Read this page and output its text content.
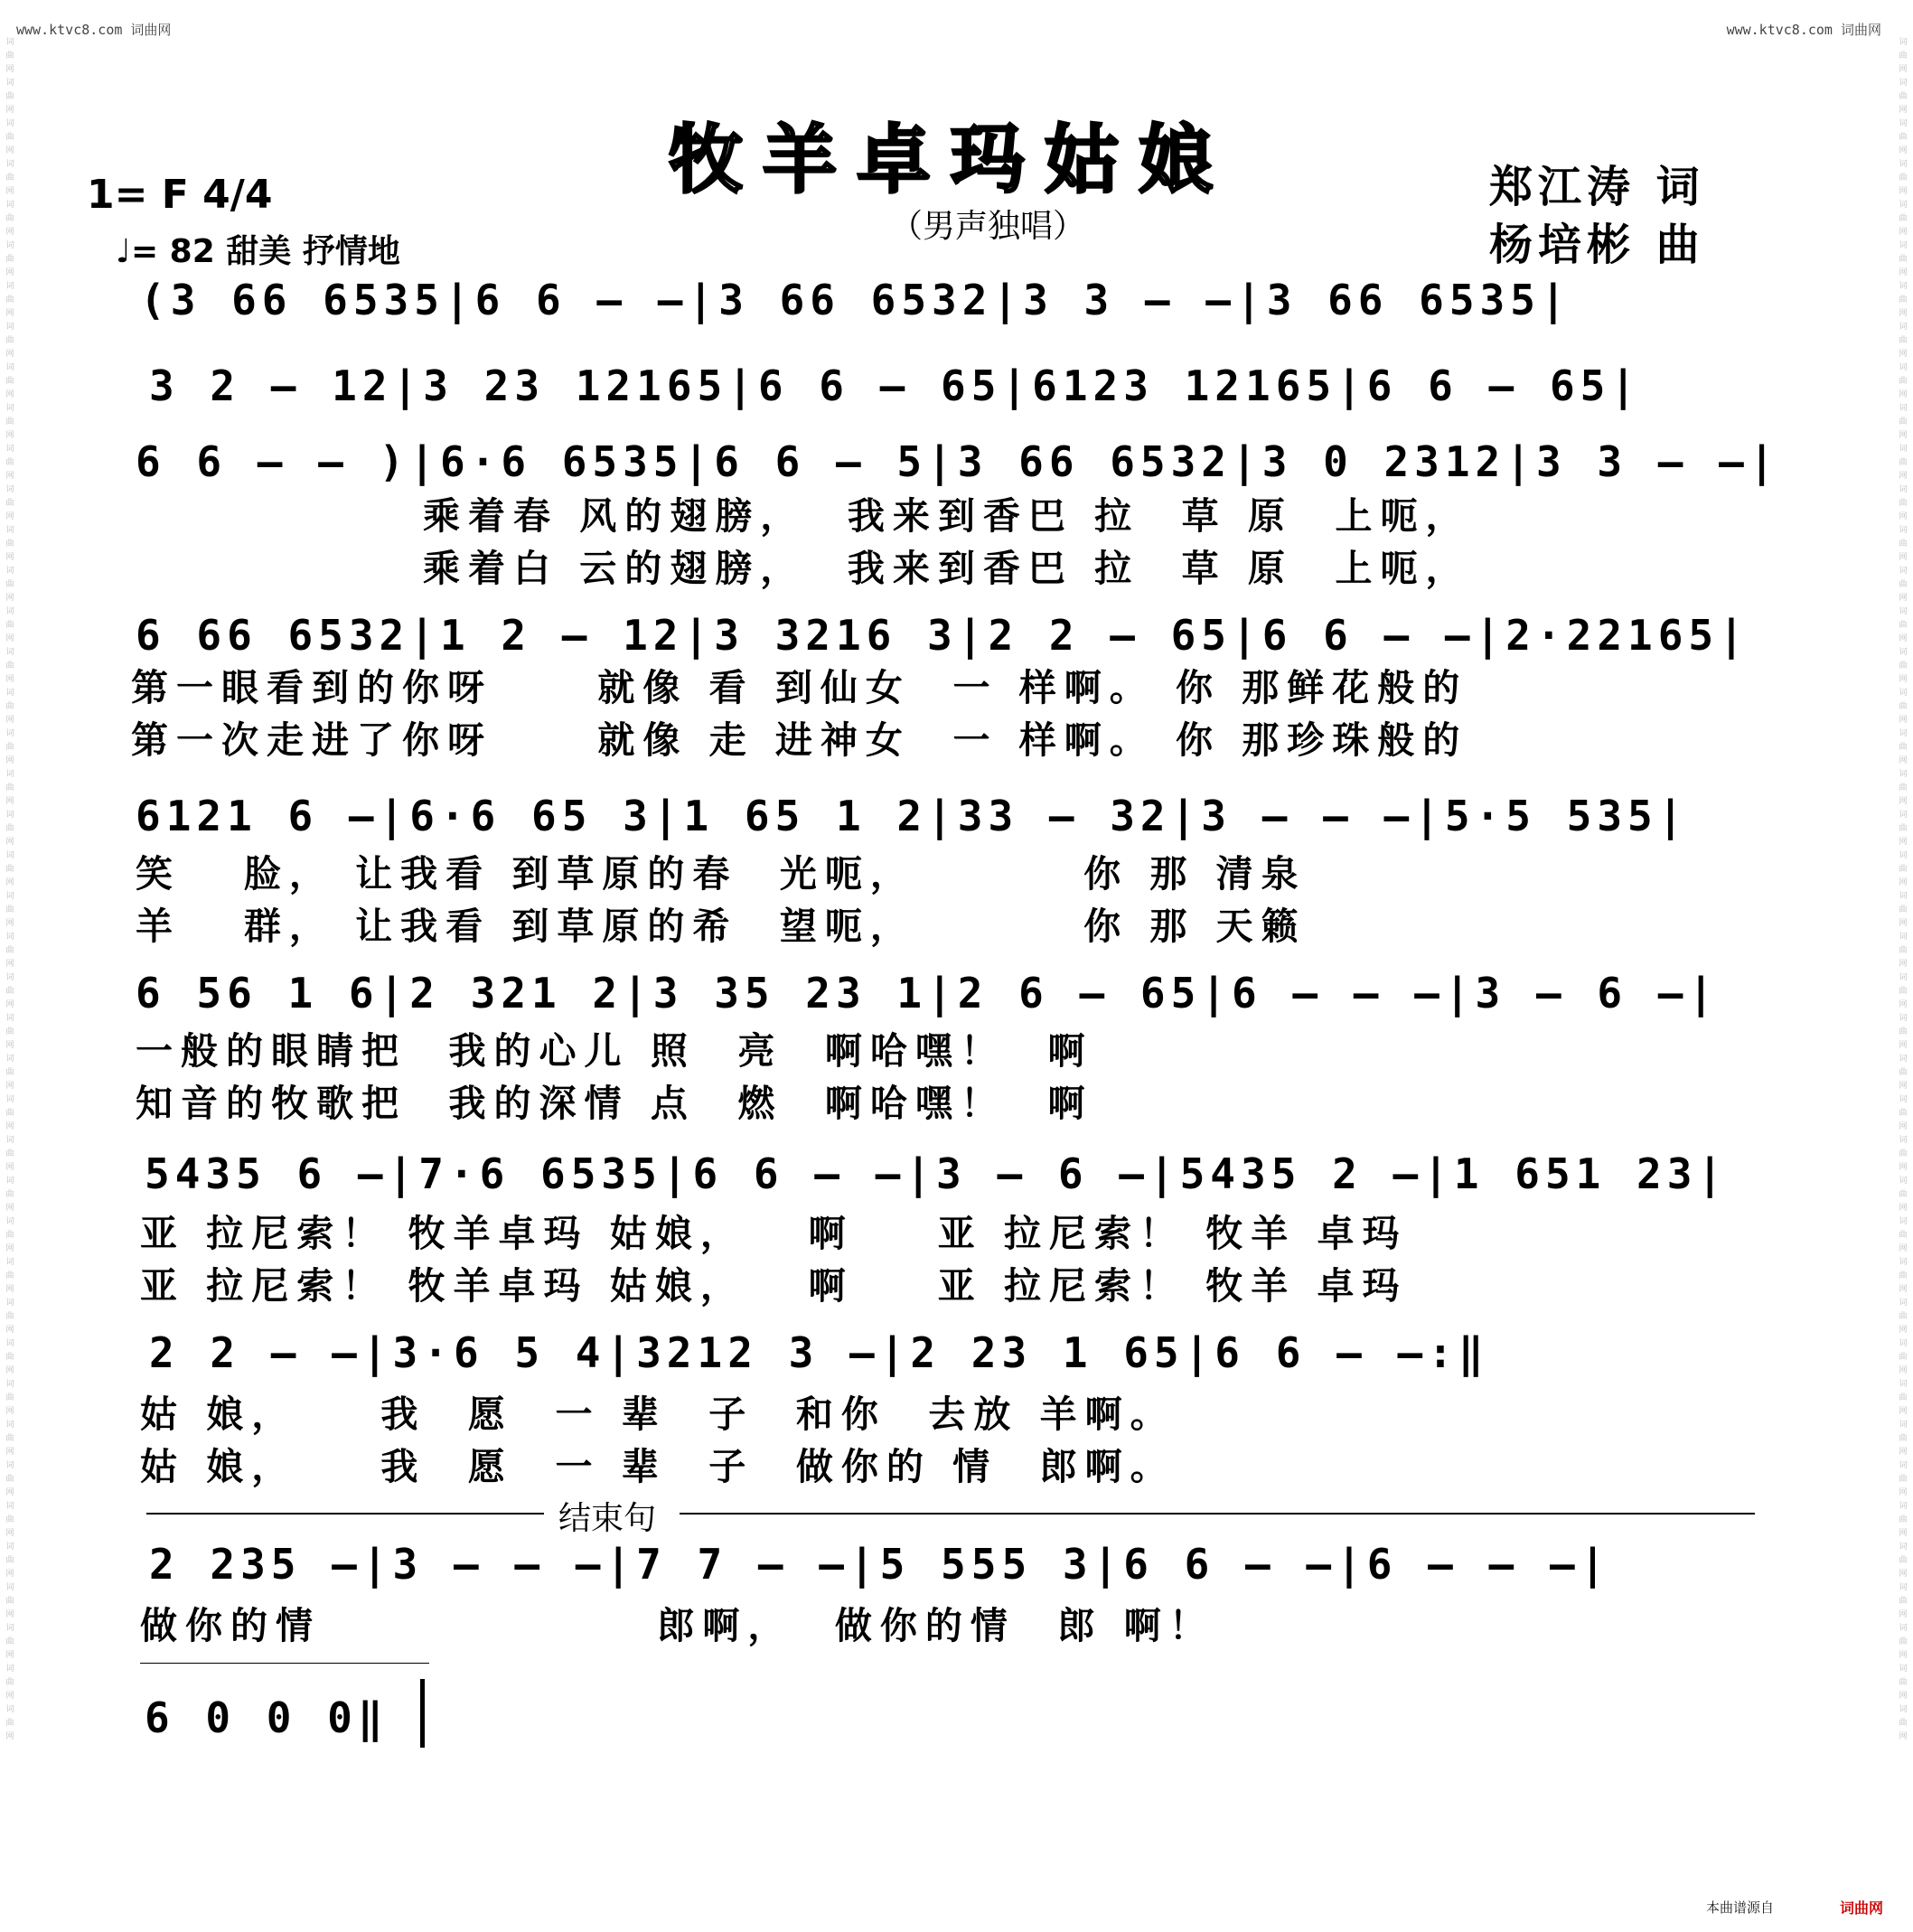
www.ktvc8.com 词曲网	www.ktvc8.com 词曲网
词曲网词曲网词曲网词曲网词曲网词曲网词曲网词曲网词曲网词曲网词曲网词曲网词曲网词曲网词曲网词曲网词曲网词曲网词曲网词曲网词曲网词曲网词曲网词曲网词曲网词曲网词曲网词曲网词曲网词曲网词曲网词曲网词曲网词曲网词曲网词曲网词曲网词曲网词曲网词曲网词曲网词曲网
词曲网词曲网词曲网词曲网词曲网词曲网词曲网词曲网词曲网词曲网词曲网词曲网词曲网词曲网词曲网词曲网词曲网词曲网词曲网词曲网词曲网词曲网词曲网词曲网词曲网词曲网词曲网词曲网词曲网词曲网词曲网词曲网词曲网词曲网词曲网词曲网词曲网词曲网词曲网词曲网词曲网词曲网
牧羊卓玛姑娘
（男声独唱）
1= F 4/4
♩= 82 甜美 抒情地
郑江涛 词
杨培彬 曲
(3 66 6535|6 6 — —|3 66 6532|3 3 — —|3 66 6535|
3 2 — 12|3 23 12165|6 6 — 65|6123 12165|6 6 — 65|
6 6 — — )|6·6 6535|6 6 — 5|3 66 6532|3 0 2312|3 3 — —|
乘着春 风的翅膀，  我来到香巴 拉  草 原  上呃，
乘着白 云的翅膀，  我来到香巴 拉  草 原  上呃，
6 66 6532|1 2 — 12|3 3216 3|2 2 — 65|6 6 — —|2·22165|
第一眼看到的你呀     就像 看 到仙女  一 样啊。 你 那鲜花般的
第一次走进了你呀     就像 走 进神女  一 样啊。 你 那珍珠般的
6121 6 —|6·6 65 3|1 65 1 2|33 — 32|3 — — —|5·5 535|
笑   脸， 让我看 到草原的春  光呃，        你 那 清泉
羊   群， 让我看 到草原的希  望呃，        你 那 天籁
6 56 1 6|2 321 2|3 35 23 1|2 6 — 65|6 — — —|3 — 6 —|
一般的眼睛把  我的心儿 照  亮  啊哈嘿！  啊
知音的牧歌把  我的深情 点  燃  啊哈嘿！  啊
5435 6 —|7·6 6535|6 6 — —|3 — 6 —|5435 2 —|1 651 23|
亚 拉尼索！ 牧羊卓玛 姑娘，   啊    亚 拉尼索！ 牧羊 卓玛
亚 拉尼索！ 牧羊卓玛 姑娘，   啊    亚 拉尼索！ 牧羊 卓玛
2 2 — —|3·6 5 4|3212 3 —|2 23 1 65|6 6 — —:‖
姑 娘，    我  愿  一 辈  子  和你  去放 羊啊。
姑 娘，    我  愿  一 辈  子  做你的 情  郎啊。
结束句
2 235 —|3 — — —|7 7 — —|5 555 3|6 6 — —|6 — — —|
做你的情                郎啊，  做你的情  郎 啊！
6 0 0 0‖
本曲谱源自	词曲网
